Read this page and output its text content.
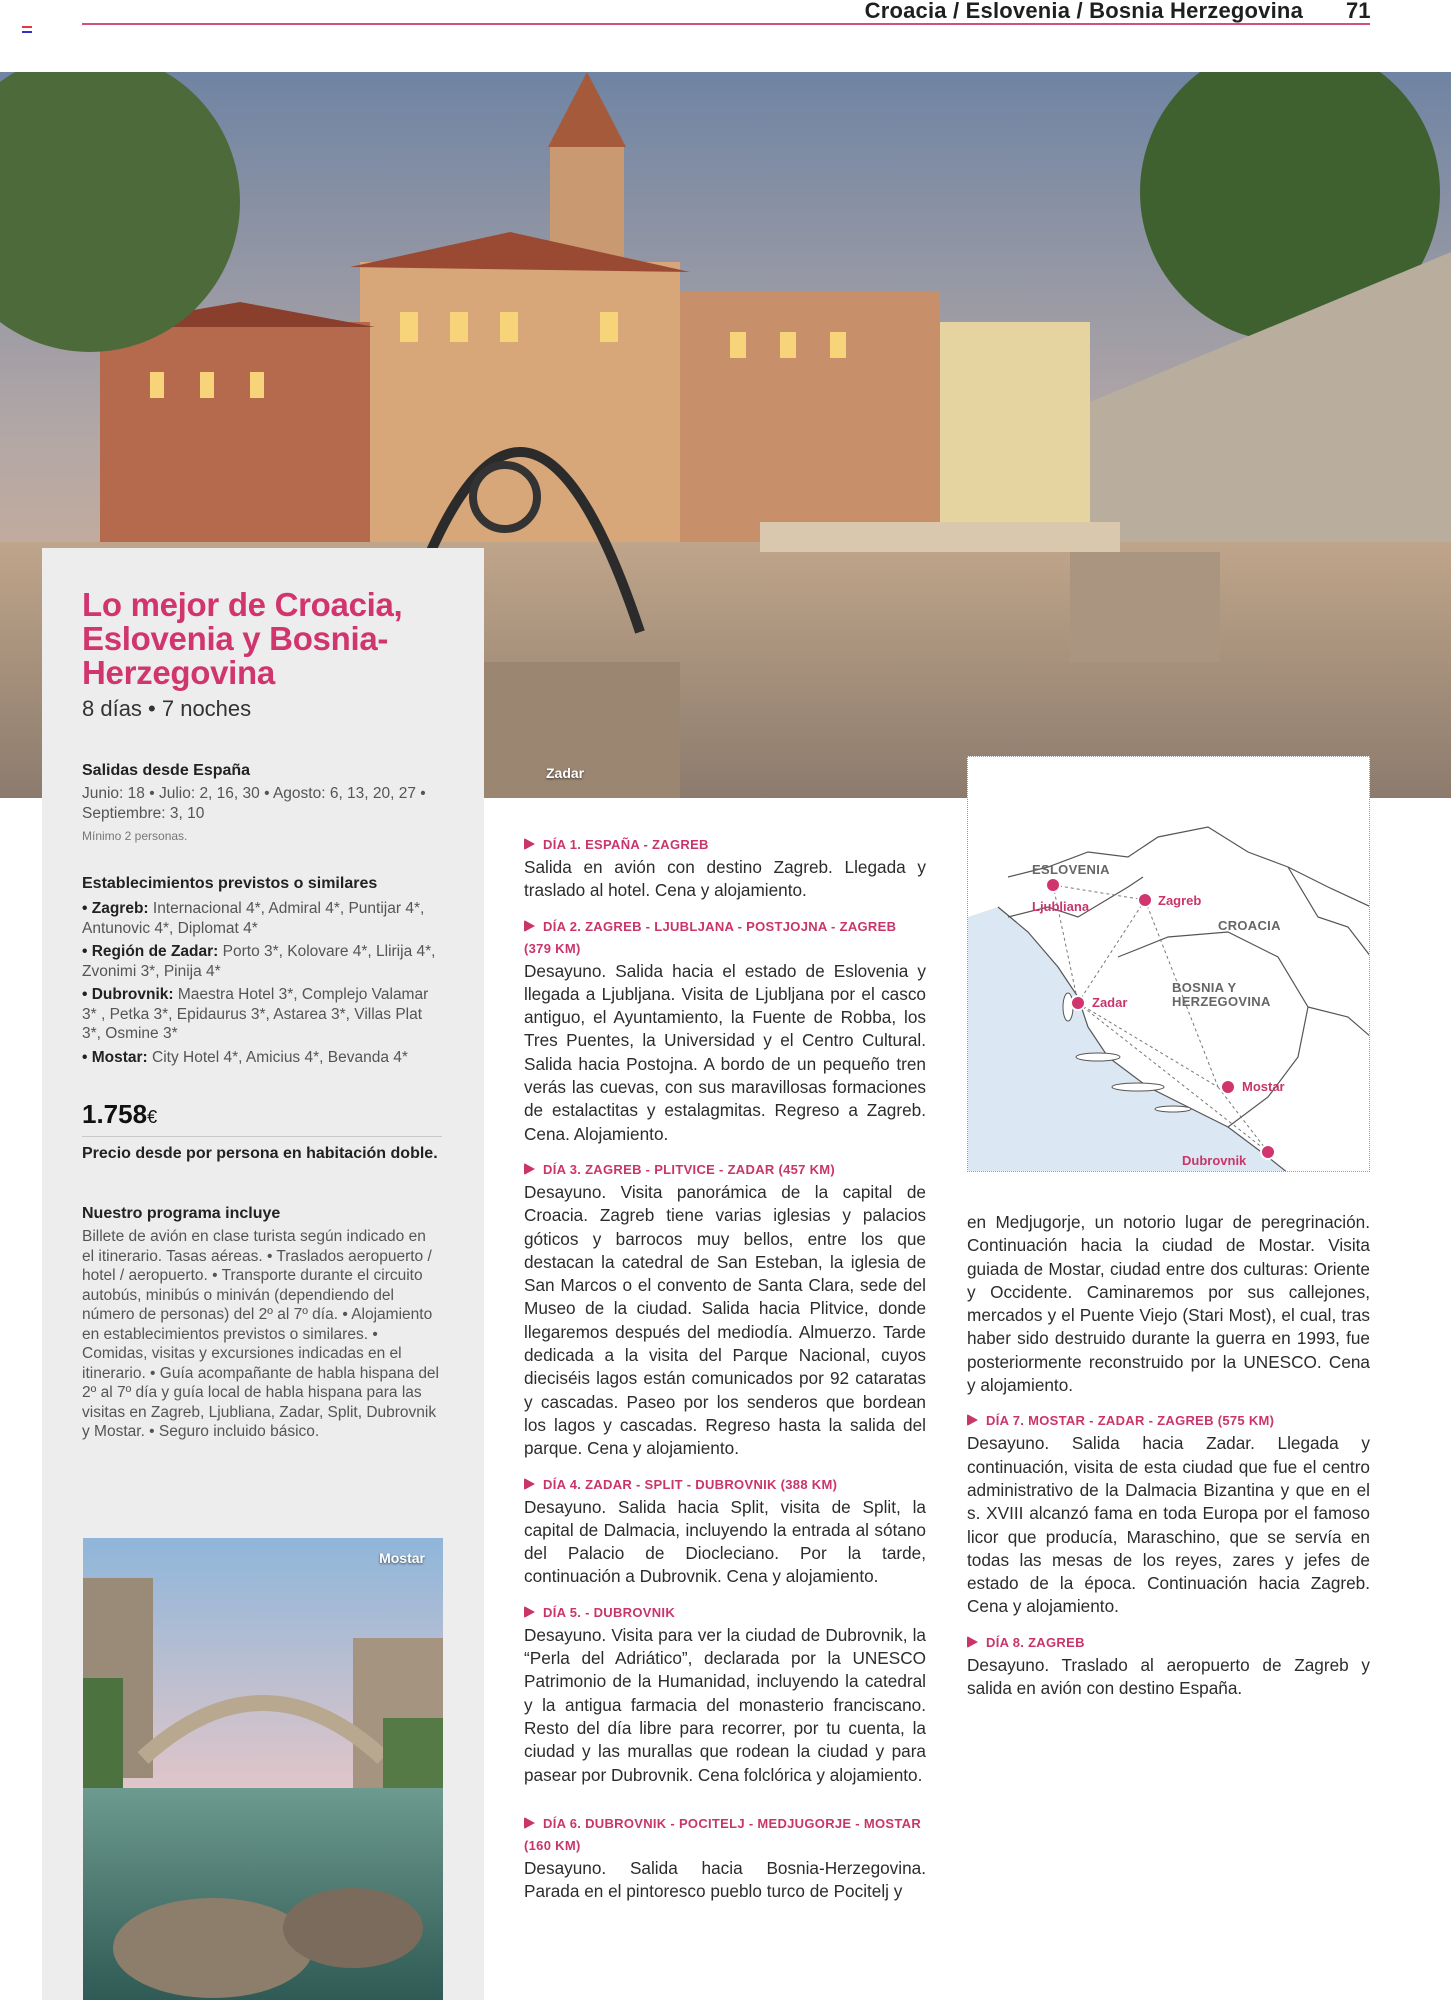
Croacia / Eslovenia / Bosnia Herzegovina 71
Zadar
Lo mejor de Croacia, Eslovenia y Bosnia-Herzegovina
8 días • 7 noches
Salidas desde España
Junio: 18 • Julio: 2, 16, 30 • Agosto: 6, 13, 20, 27 • Septiembre: 3, 10
Mínimo 2 personas.
Establecimientos previstos o similares
• Zagreb: Internacional 4*, Admiral 4*, Puntijar 4*, Antunovic 4*, Diplomat 4*
• Región de Zadar: Porto 3*, Kolovare 4*, Llirija 4*, Zvonimi 3*, Pinija 4*
• Dubrovnik: Maestra Hotel 3*, Complejo Valamar 3* , Petka 3*, Epidaurus 3*, Astarea 3*, Villas Plat 3*, Osmine 3*
• Mostar: City Hotel 4*, Amicius 4*, Bevanda 4*
1.758€
Precio desde por persona en habitación doble.
Nuestro programa incluye
Billete de avión en clase turista según indicado en el itinerario. Tasas aéreas. • Traslados aeropuerto / hotel / aeropuerto. • Transporte durante el circuito autobús, minibús o miniván (dependiendo del número de personas) del 2º al 7º día. • Alojamiento en establecimientos previstos o similares. • Comidas, visitas y excursiones indicadas en el itinerario. • Guía acompañante de habla hispana del 2º al 7º día y guía local de habla hispana para las visitas en Zagreb, Ljubliana, Zadar, Split, Dubrovnik y Mostar. • Seguro incluido básico.
Mostar
DÍA 1. ESPAÑA - ZAGREB
Salida en avión con destino Zagreb. Llegada y traslado al hotel. Cena y alojamiento.
DÍA 2. ZAGREB - LJUBLJANA - POSTJOJNA - ZAGREB (379 KM)
Desayuno. Salida hacia el estado de Eslovenia y llegada a Ljubljana. Visita de Ljubljana por el casco antiguo, el Ayuntamiento, la Fuente de Robba, los Tres Puentes, la Universidad y el Centro Cultural. Salida hacia Postojna. A bordo de un pequeño tren verás las cuevas, con sus maravillosas formaciones de estalactitas y estalagmitas. Regreso a Zagreb. Cena. Alojamiento.
DÍA 3. ZAGREB - PLITVICE - ZADAR (457 KM)
Desayuno. Visita panorámica de la capital de Croacia. Zagreb tiene varias iglesias y palacios góticos y barrocos muy bellos, entre los que destacan la catedral de San Esteban, la iglesia de San Marcos o el convento de Santa Clara, sede del Museo de la ciudad. Salida hacia Plitvice, donde llegaremos después del mediodía. Almuerzo. Tarde dedicada a la visita del Parque Nacional, cuyos dieciséis lagos están comunicados por 92 cataratas y cascadas. Paseo por los senderos que bordean los lagos y cascadas. Regreso hasta la salida del parque. Cena y alojamiento.
DÍA 4. ZADAR - SPLIT - DUBROVNIK (388 KM)
Desayuno. Salida hacia Split, visita de Split, la capital de Dalmacia, incluyendo la entrada al sótano del Palacio de Diocleciano. Por la tarde, continuación a Dubrovnik. Cena y alojamiento.
DÍA 5. - DUBROVNIK
Desayuno. Visita para ver la ciudad de Dubrovnik, la “Perla del Adriático”, declarada por la UNESCO Patrimonio de la Humanidad, incluyendo la catedral y la antigua farmacia del monasterio franciscano. Resto del día libre para recorrer, por tu cuenta, la ciudad y las murallas que rodean la ciudad y para pasear por Dubrovnik. Cena folclórica y alojamiento.
DÍA 6. DUBROVNIK - POCITELJ - MEDJUGORJE - MOSTAR (160 KM)
Desayuno. Salida hacia Bosnia-Herzegovina. Parada en el pintoresco pueblo turco de Pocitelj y
ESLOVENIA
CROACIA
BOSNIA Y
HERZEGOVINA
Ljubliana	Zagreb
Zadar
Mostar
Dubrovnik
en Medjugorje, un notorio lugar de peregrinación. Continuación hacia la ciudad de Mostar. Visita guiada de Mostar, ciudad entre dos culturas: Oriente y Occidente. Caminaremos por sus callejones, mercados y el Puente Viejo (Stari Most), el cual, tras haber sido destruido durante la guerra en 1993, fue posteriormente reconstruido por la UNESCO. Cena y alojamiento.
DÍA 7. MOSTAR - ZADAR - ZAGREB (575 KM)
Desayuno. Salida hacia Zadar. Llegada y continuación, visita de esta ciudad que fue el centro administrativo de la Dalmacia Bizantina y que en el s. XVIII alcanzó fama en toda Europa por el famoso licor que producía, Maraschino, que se servía en todas las mesas de los reyes, zares y jefes de estado de la época. Continuación hacia Zagreb. Cena y alojamiento.
DÍA 8. ZAGREB
Desayuno. Traslado al aeropuerto de Zagreb y salida en avión con destino España.
